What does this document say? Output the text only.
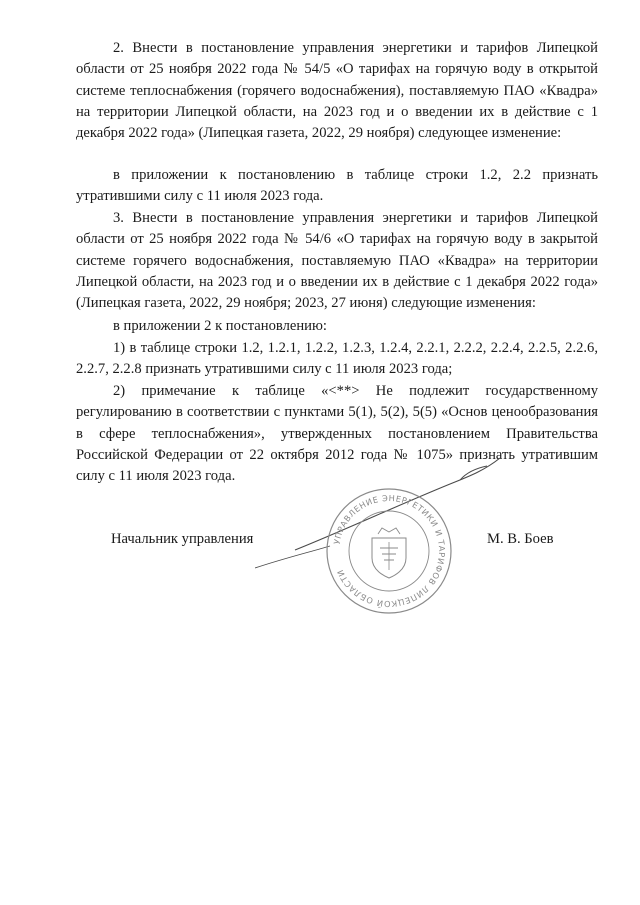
2. Внести в постановление управления энергетики и тарифов Липецкой области от 25 ноября 2022 года № 54/5 «О тарифах на горячую воду в открытой системе теплоснабжения (горячего водоснабжения), поставляемую ПАО «Квадра» на территории Липецкой области, на 2023 год и о введении их в действие с 1 декабря 2022 года» (Липецкая газета, 2022, 29 ноября) следующее изменение:

в приложении к постановлению в таблице строки 1.2, 2.2 признать утратившими силу с 11 июля 2023 года.

3. Внести в постановление управления энергетики и тарифов Липецкой области от 25 ноября 2022 года № 54/6 «О тарифах на горячую воду в закрытой системе горячего водоснабжения, поставляемую ПАО «Квадра» на территории Липецкой области, на 2023 год и о введении их в действие с 1 декабря 2022 года» (Липецкая газета, 2022, 29 ноября; 2023, 27 июня) следующие изменения:

в приложении 2 к постановлению:

1) в таблице строки 1.2, 1.2.1, 1.2.2, 1.2.3, 1.2.4, 2.2.1, 2.2.2, 2.2.4, 2.2.5, 2.2.6, 2.2.7, 2.2.8 признать утратившими силу с 11 июля 2023 года;

2) примечание к таблице «<**> Не подлежит государственному регулированию в соответствии с пунктами 5(1), 5(2), 5(5) «Основ ценообразования в сфере теплоснабжения», утвержденных постановлением Правительства Российской Федерации от 22 октября 2012 года № 1075» признать утратившим силу с 11 июля 2023 года.

УПРАВЛЕНИЕ ЭНЕРГЕТИКИ И ТАРИФОВ ЛИПЕЦКОЙ ОБЛАСТИ
Начальник управления	М. В. Боев
